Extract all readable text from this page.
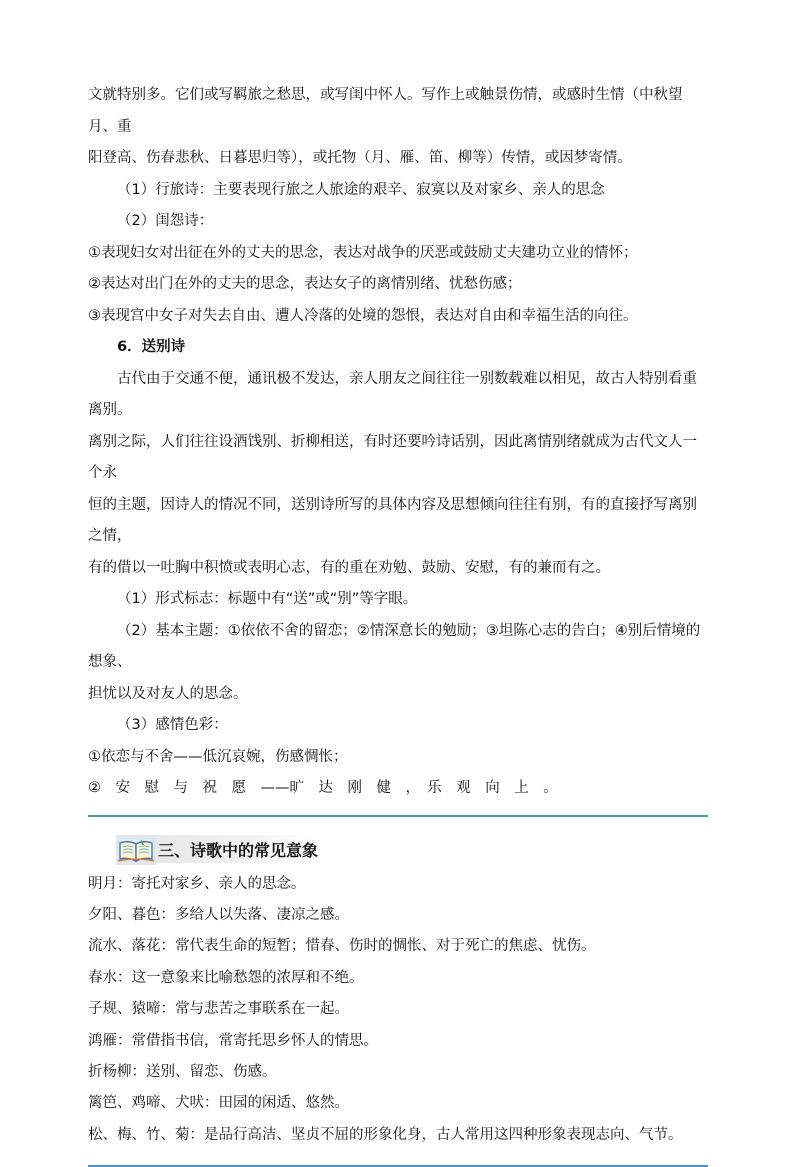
文就特别多。它们或写羁旅之愁思，或写闺中怀人。写作上或触景伤情，或感时生情（中秋望月、重

阳登高、伤春悲秋、日暮思归等），或托物（月、雁、笛、柳等）传情，或因梦寄情。

（1）行旅诗：主要表现行旅之人旅途的艰辛、寂寞以及对家乡、亲人的思念

（2）闺怨诗：

①表现妇女对出征在外的丈夫的思念，表达对战争的厌恶或鼓励丈夫建功立业的情怀；

②表达对出门在外的丈夫的思念，表达女子的离情别绪、忧愁伤感；

③表现宫中女子对失去自由、遭人冷落的处境的怨恨，表达对自由和幸福生活的向往。

6．送别诗

古代由于交通不便，通讯极不发达，亲人朋友之间往往一别数载难以相见，故古人特别看重离别。

离别之际，人们往往设酒饯别、折柳相送，有时还要吟诗话别，因此离情别绪就成为古代文人一个永

恒的主题，因诗人的情况不同，送别诗所写的具体内容及思想倾向往往有别，有的直接抒写离别之情，

有的借以一吐胸中积愤或表明心志，有的重在劝勉、鼓励、安慰，有的兼而有之。

（1）形式标志：标题中有“送”或“别”等字眼。

（2）基本主题：①依依不舍的留恋；②情深意长的勉励；③坦陈心志的告白；④别后情境的想象、

担忧以及对友人的思念。

（3）感情色彩：

①依恋与不舍——低沉哀婉，伤感惆怅；

②　安　慰　与　祝　愿　——旷　达　刚　健　，　乐　观　向　上　。

三、诗歌中的常见意象

明月：寄托对家乡、亲人的思念。

夕阳、暮色：多给人以失落、凄凉之感。

流水、落花：常代表生命的短暂；惜春、伤时的惆怅、对于死亡的焦虑、忧伤。

春水：这一意象来比喻愁怨的浓厚和不绝。

子规、猿啼：常与悲苦之事联系在一起。

鸿雁：常借指书信，常寄托思乡怀人的情思。

折杨柳：送别、留恋、伤感。

篱笆、鸡啼、犬吠：田园的闲适、悠然。

松、梅、竹、菊：是品行高洁、坚贞不屈的形象化身，古人常用这四种形象表现志向、气节。
